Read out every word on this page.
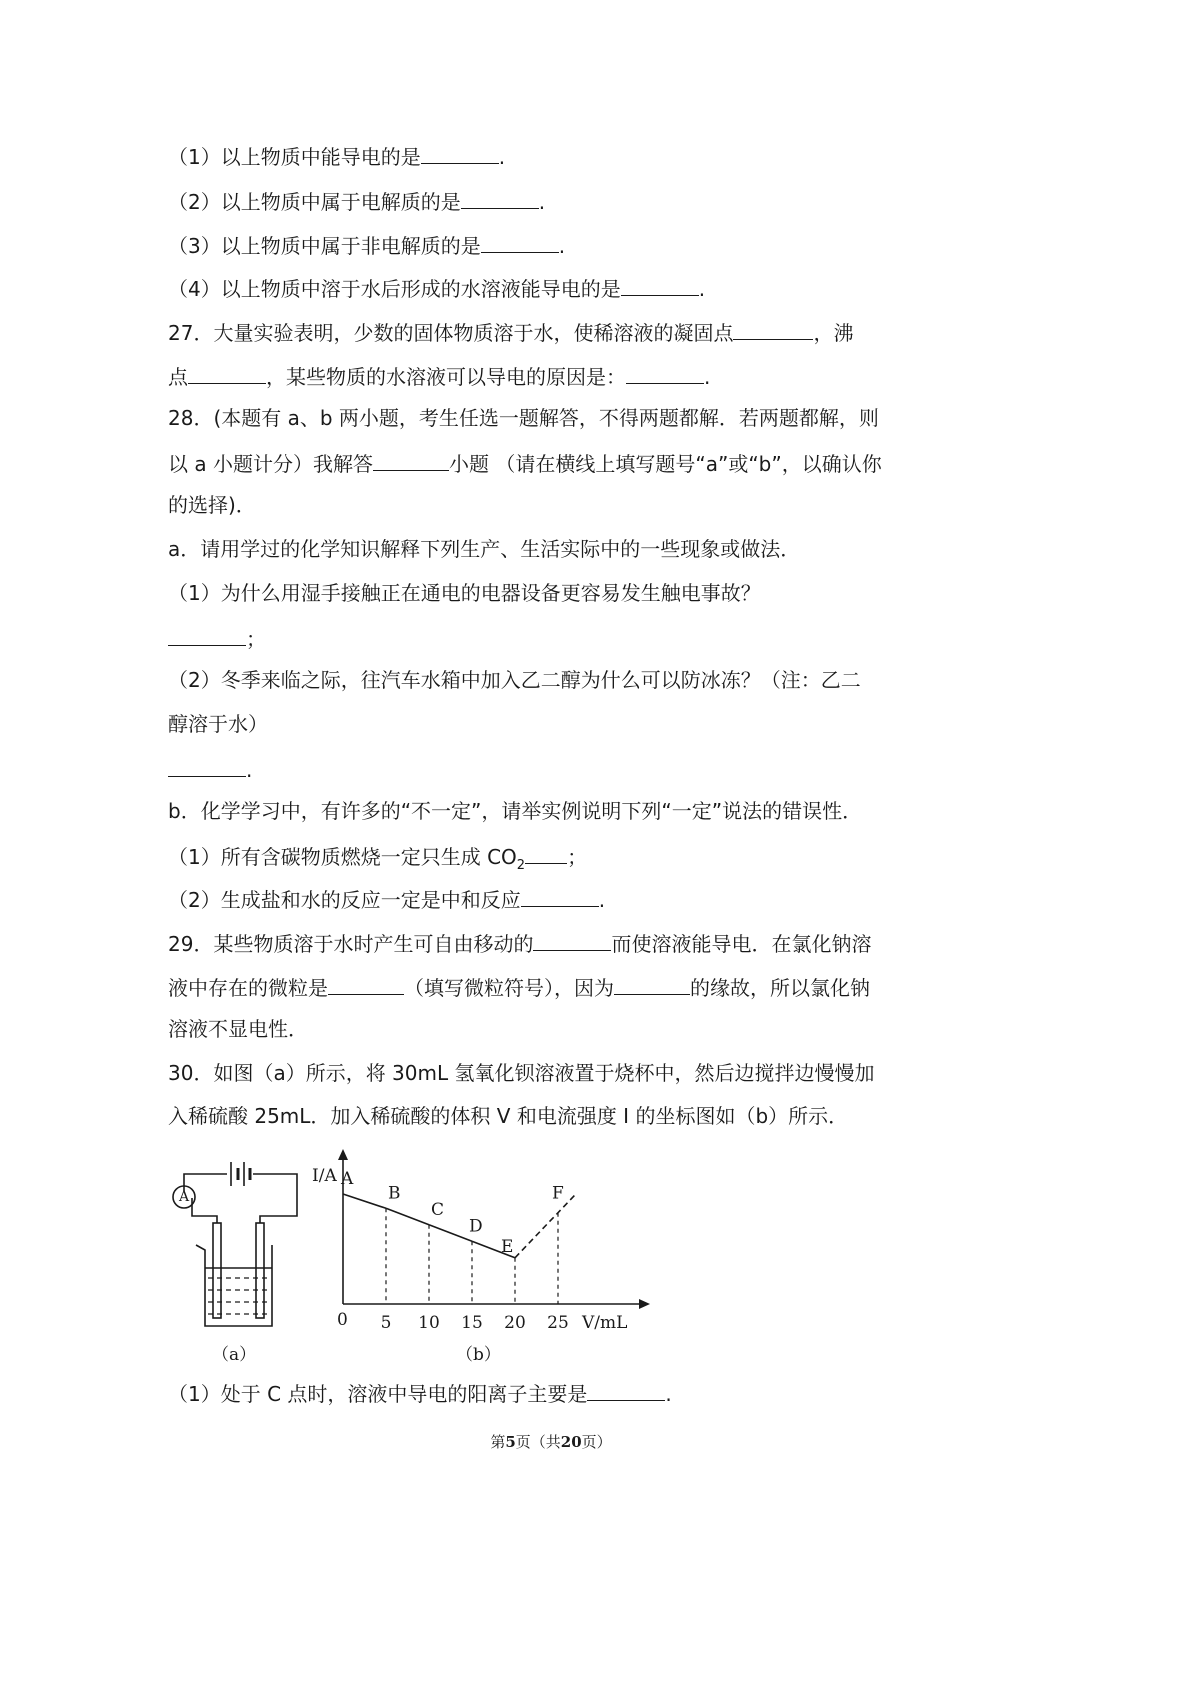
（1）以上物质中能导电的是	.
（2）以上物质中属于电解质的是	.
（3）以上物质中属于非电解质的是	.
（4）以上物质中溶于水后形成的水溶液能导电的是	.
27．大量实验表明，少数的固体物质溶于水，使稀溶液的凝固点	，沸
点	，某些物质的水溶液可以导电的原因是：	.
28．(本题有 a、b 两小题，考生任选一题解答，不得两题都解．若两题都解，则
以 a 小题计分）我解答	小题 （请在横线上填写题号“a”或“b”，以确认你
的选择)．
a．请用学过的化学知识解释下列生产、生活实际中的一些现象或做法．
（1）为什么用湿手接触正在通电的电器设备更容易发生触电事故？
；
（2）冬季来临之际，往汽车水箱中加入乙二醇为什么可以防冰冻？（注：乙二
醇溶于水）
.
b．化学学习中，有许多的“不一定”，请举实例说明下列“一定”说法的错误性．
（1）所有含碳物质燃烧一定只生成 $CO_2$ ；
（2）生成盐和水的反应一定是中和反应	.
29．某些物质溶于水时产生可自由移动的	而使溶液能导电．在氯化钠溶
液中存在的微粒是	（填写微粒符号），因为	的缘故，所以氯化钠
溶液不显电性．
30．如图（a）所示，将 30mL 氢氧化钡溶液置于烧杯中，然后边搅拌边慢慢加
入稀硫酸 25mL．加入稀硫酸的体积 V 和电流强度 I 的坐标图如（b）所示．
A
A
B
C
D
E
F
5 10 15 20 25
I/A
V/mL
0
（a）	（b）
（1）处于 C 点时，溶液中导电的阳离子主要是	.
第5页（共20页）
